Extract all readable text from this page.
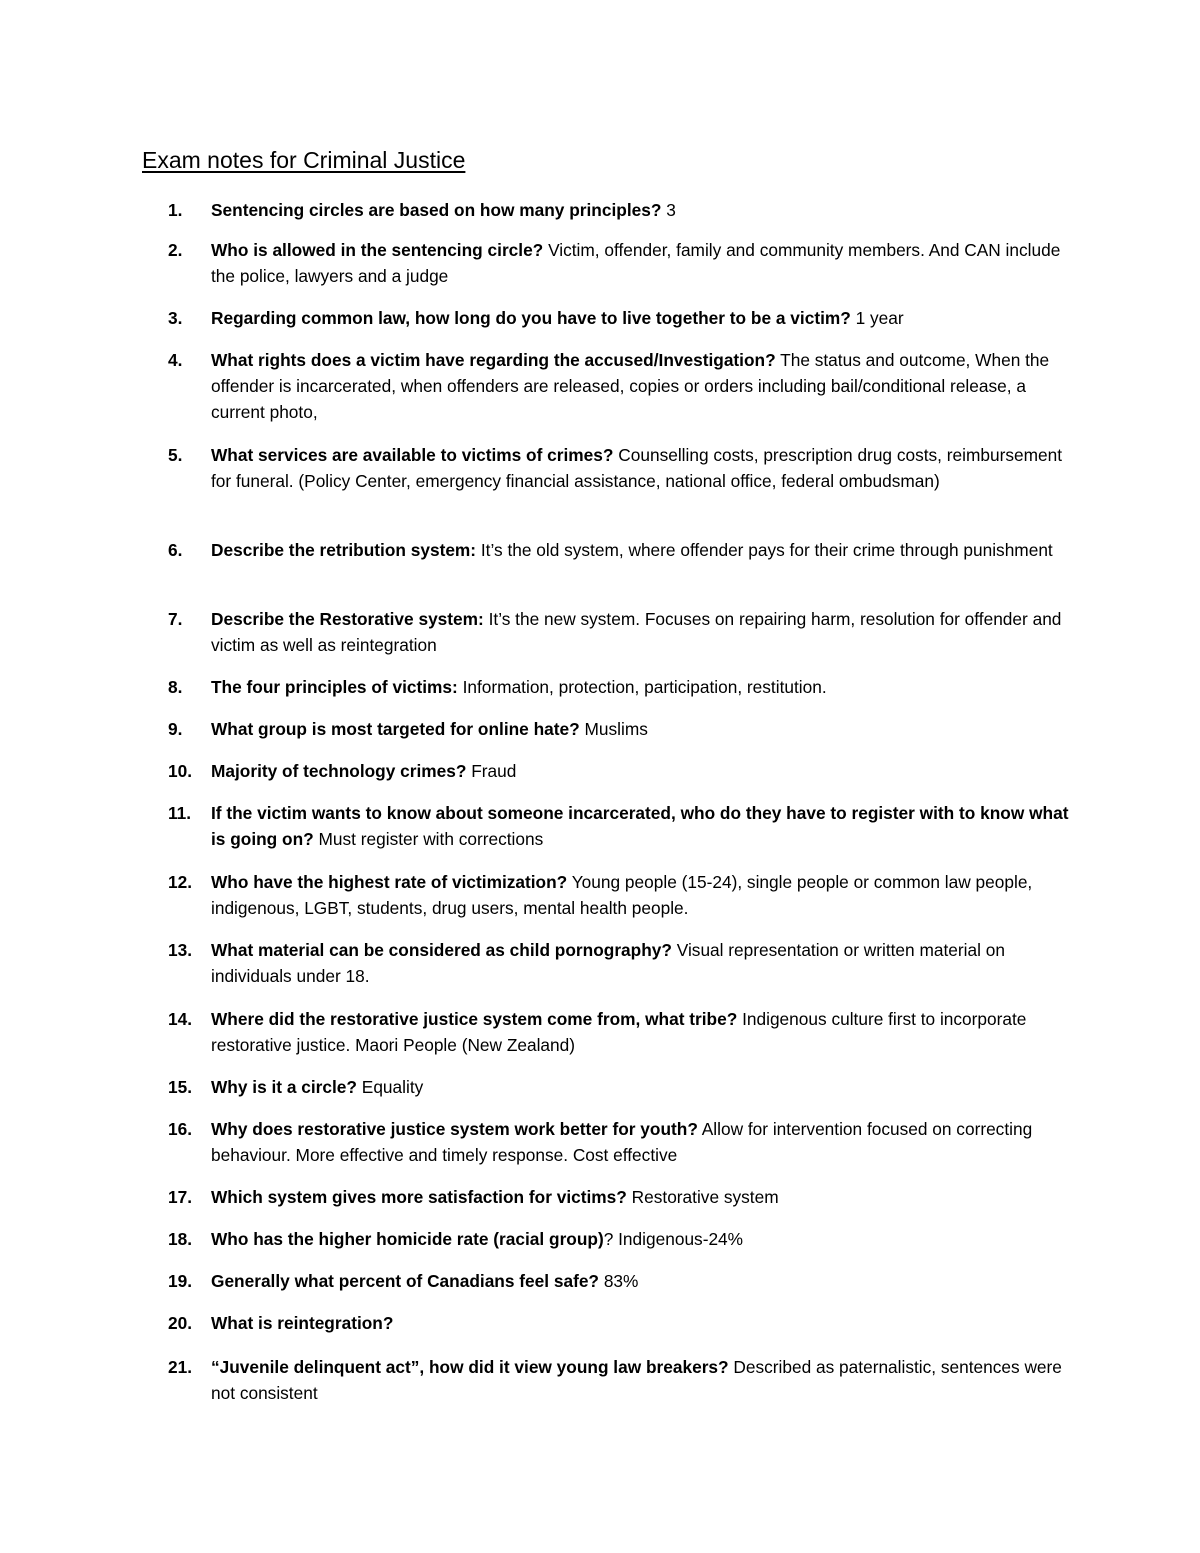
Exam notes for Criminal Justice
1.	Sentencing circles are based on how many principles? 3

2.	Who is allowed in the sentencing circle? Victim, offender, family and community members. And CAN include the police, lawyers and a judge

3.	Regarding common law, how long do you have to live together to be a victim? 1 year

4.	What rights does a victim have regarding the accused/Investigation? The status and outcome, When the offender is incarcerated, when offenders are released, copies or orders including bail/conditional release, a current photo,

5.	What services are available to victims of crimes? Counselling costs, prescription drug costs, reimbursement for funeral. (Policy Center, emergency financial assistance, national office, federal ombudsman)

6.	Describe the retribution system: It’s the old system, where offender pays for their crime through punishment

7.	Describe the Restorative system: It’s the new system. Focuses on repairing harm, resolution for offender and victim as well as reintegration

8.	The four principles of victims: Information, protection, participation, restitution.

9.	What group is most targeted for online hate? Muslims

10.	Majority of technology crimes? Fraud

11.	If the victim wants to know about someone incarcerated, who do they have to register with to know what is going on? Must register with corrections

12.	Who have the highest rate of victimization? Young people (15-24), single people or common law people, indigenous, LGBT, students, drug users, mental health people.

13.	What material can be considered as child pornography? Visual representation or written material on individuals under 18.

14.	Where did the restorative justice system come from, what tribe? Indigenous culture first to incorporate restorative justice. Maori People (New Zealand)

15.	Why is it a circle? Equality

16.	Why does restorative justice system work better for youth? Allow for intervention focused on correcting behaviour. More effective and timely response. Cost effective

17.	Which system gives more satisfaction for victims? Restorative system

18.	Who has the higher homicide rate (racial group)? Indigenous-24%

19.	Generally what percent of Canadians feel safe? 83%

20.	What is reintegration?

21.	“Juvenile delinquent act”, how did it view young law breakers? Described as paternalistic, sentences were not consistent
